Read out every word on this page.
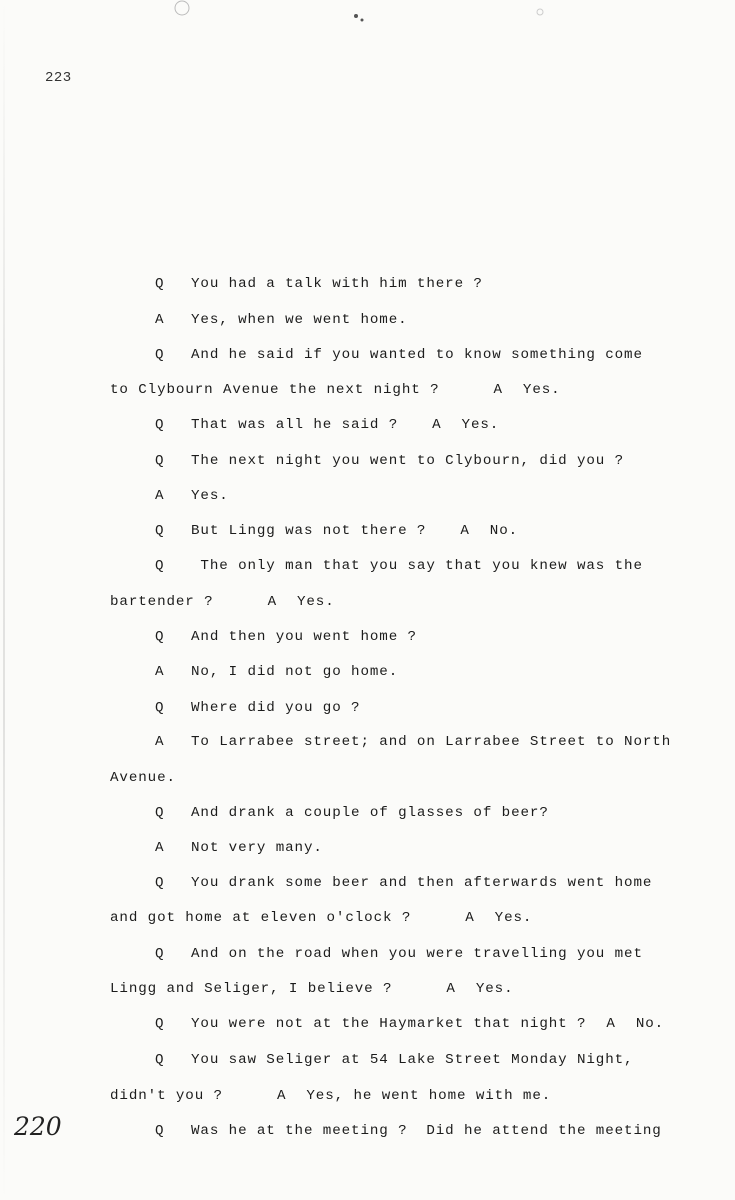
223
Q You had a talk with him there ?
A Yes, when we went home.
Q And he said if you wanted to know something come
to Clybourn Avenue the next night ?	A Yes.
Q That was all he said ? A Yes.
Q The next night you went to Clybourn, did you ?
A Yes.
Q But Lingg was not there ? A No.
Q The only man that you say that you knew was the
bartender ?	A Yes.
Q And then you went home ?
A No, I did not go home.
Q Where did you go ?
A To Larrabee street; and on Larrabee Street to North
Avenue.
Q And drank a couple of glasses of beer?
A Not very many.
Q You drank some beer and then afterwards went home
and got home at eleven o'clock ?	A Yes.
Q And on the road when you were travelling you met
Lingg and Seliger, I believe ?	A Yes.
Q You were not at the Haymarket that night ? A No.
Q You saw Seliger at 54 Lake Street Monday Night,
didn't you ?	A Yes, he went home with me.
Q Was he at the meeting ?  Did he attend the meeting
220
